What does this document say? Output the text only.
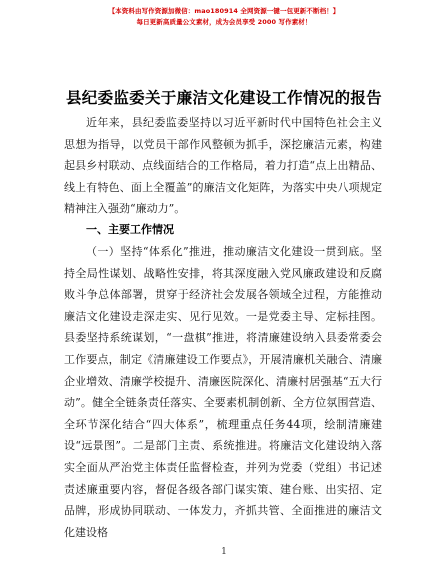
【本资料由写作资源加微信：mao180914 全网资源一键一包更新不断档！】
每日更新高质量公文素材，成为会员享受 2000 写作素材！
县纪委监委关于廉洁文化建设工作情况的报告

近年来，县纪委监委坚持以习近平新时代中国特色社会主义思想为指导，以党员干部作风整顿为抓手，深挖廉洁元素，构建起县乡村联动、点线面结合的工作格局，着力打造“点上出精品、线上有特色、面上全覆盖”的廉洁文化矩阵，为落实中央八项规定精神注入强劲“廉动力”。

一、主要工作情况

（一）坚持“体系化”推进，推动廉洁文化建设一贯到底。坚持全局性谋划、战略性安排，将其深度融入党风廉政建设和反腐败斗争总体部署，贯穿于经济社会发展各领域全过程，方能推动廉洁文化建设走深走实、见行见效。一是党委主导、定标挂图。县委坚持系统谋划，“一盘棋”推进，将清廉建设纳入县委常委会工作要点，制定《清廉建设工作要点》，开展清廉机关融合、清廉企业增效、清廉学校提升、清廉医院深化、清廉村居强基“五大行动”。健全全链条责任落实、全要素机制创新、全方位氛围营造、全环节深化结合“四大体系”，梳理重点任务44项，绘制清廉建设“远景图”。二是部门主责、系统推进。将廉洁文化建设纳入落实全面从严治党主体责任监督检查，并列为党委（党组）书记述责述廉重要内容，督促各级各部门谋实策、建台账、出实招、定品牌，形成协同联动、一体发力，齐抓共管、全面推进的廉洁文化建设格

1
